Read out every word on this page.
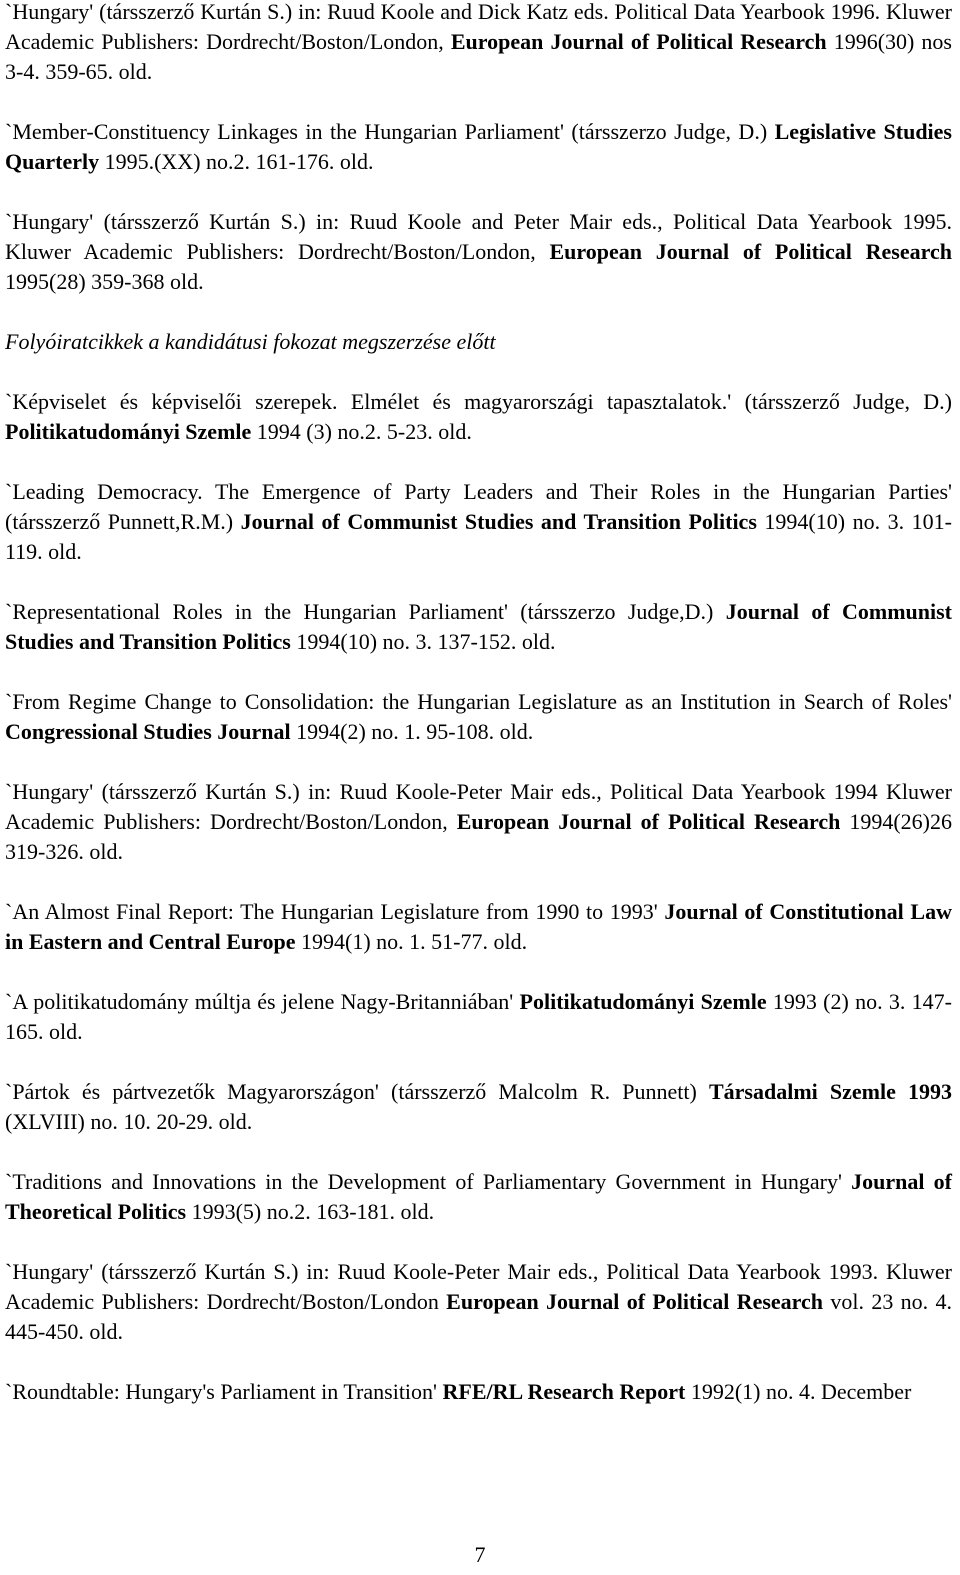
`Hungary' (társszerző Kurtán S.) in: Ruud Koole and Dick Katz eds. Political Data Yearbook 1996. Kluwer Academic Publishers: Dordrecht/Boston/London, European Journal of Political Research 1996(30) nos 3-4. 359-65. old.
`Member-Constituency Linkages in the Hungarian Parliament' (társszerzo Judge, D.) Legislative Studies Quarterly 1995.(XX) no.2. 161-176. old.
`Hungary' (társszerző Kurtán S.) in: Ruud Koole and Peter Mair eds., Political Data Yearbook 1995. Kluwer Academic Publishers: Dordrecht/Boston/London, European Journal of Political Research 1995(28) 359-368 old.
Folyóiratcikkek a kandidátusi fokozat megszerzése előtt
`Képviselet és képviselői szerepek. Elmélet és magyarországi tapasztalatok.' (társszerző Judge, D.) Politikatudományi Szemle 1994 (3) no.2. 5-23. old.
`Leading Democracy. The Emergence of Party Leaders and Their Roles in the Hungarian Parties' (társszerző Punnett,R.M.) Journal of Communist Studies and Transition Politics 1994(10) no. 3. 101-119. old.
`Representational Roles in the Hungarian Parliament' (társszerzo Judge,D.) Journal of Communist Studies and Transition Politics 1994(10) no. 3. 137-152. old.
`From Regime Change to Consolidation: the Hungarian Legislature as an Institution in Search of Roles' Congressional Studies Journal 1994(2) no. 1. 95-108. old.
`Hungary' (társszerző Kurtán S.) in: Ruud Koole-Peter Mair eds., Political Data Yearbook 1994 Kluwer Academic Publishers: Dordrecht/Boston/London, European Journal of Political Research 1994(26)26 319-326. old.
`An Almost Final Report: The Hungarian Legislature from 1990 to 1993' Journal of Constitutional Law in Eastern and Central Europe 1994(1) no. 1. 51-77. old.
`A politikatudomány múltja és jelene Nagy-Britanniában' Politikatudományi Szemle 1993 (2) no. 3. 147-165. old.
`Pártok és pártvezetők Magyarországon' (társszerző Malcolm R. Punnett) Társadalmi Szemle 1993 (XLVIII) no. 10. 20-29. old.
`Traditions and Innovations in the Development of Parliamentary Government in Hungary' Journal of Theoretical Politics 1993(5) no.2. 163-181. old.
`Hungary' (társszerző Kurtán S.) in: Ruud Koole-Peter Mair eds., Political Data Yearbook 1993. Kluwer Academic Publishers: Dordrecht/Boston/London European Journal of Political Research vol. 23 no. 4. 445-450. old.
`Roundtable: Hungary's Parliament in Transition' RFE/RL Research Report 1992(1) no. 4. December
7
